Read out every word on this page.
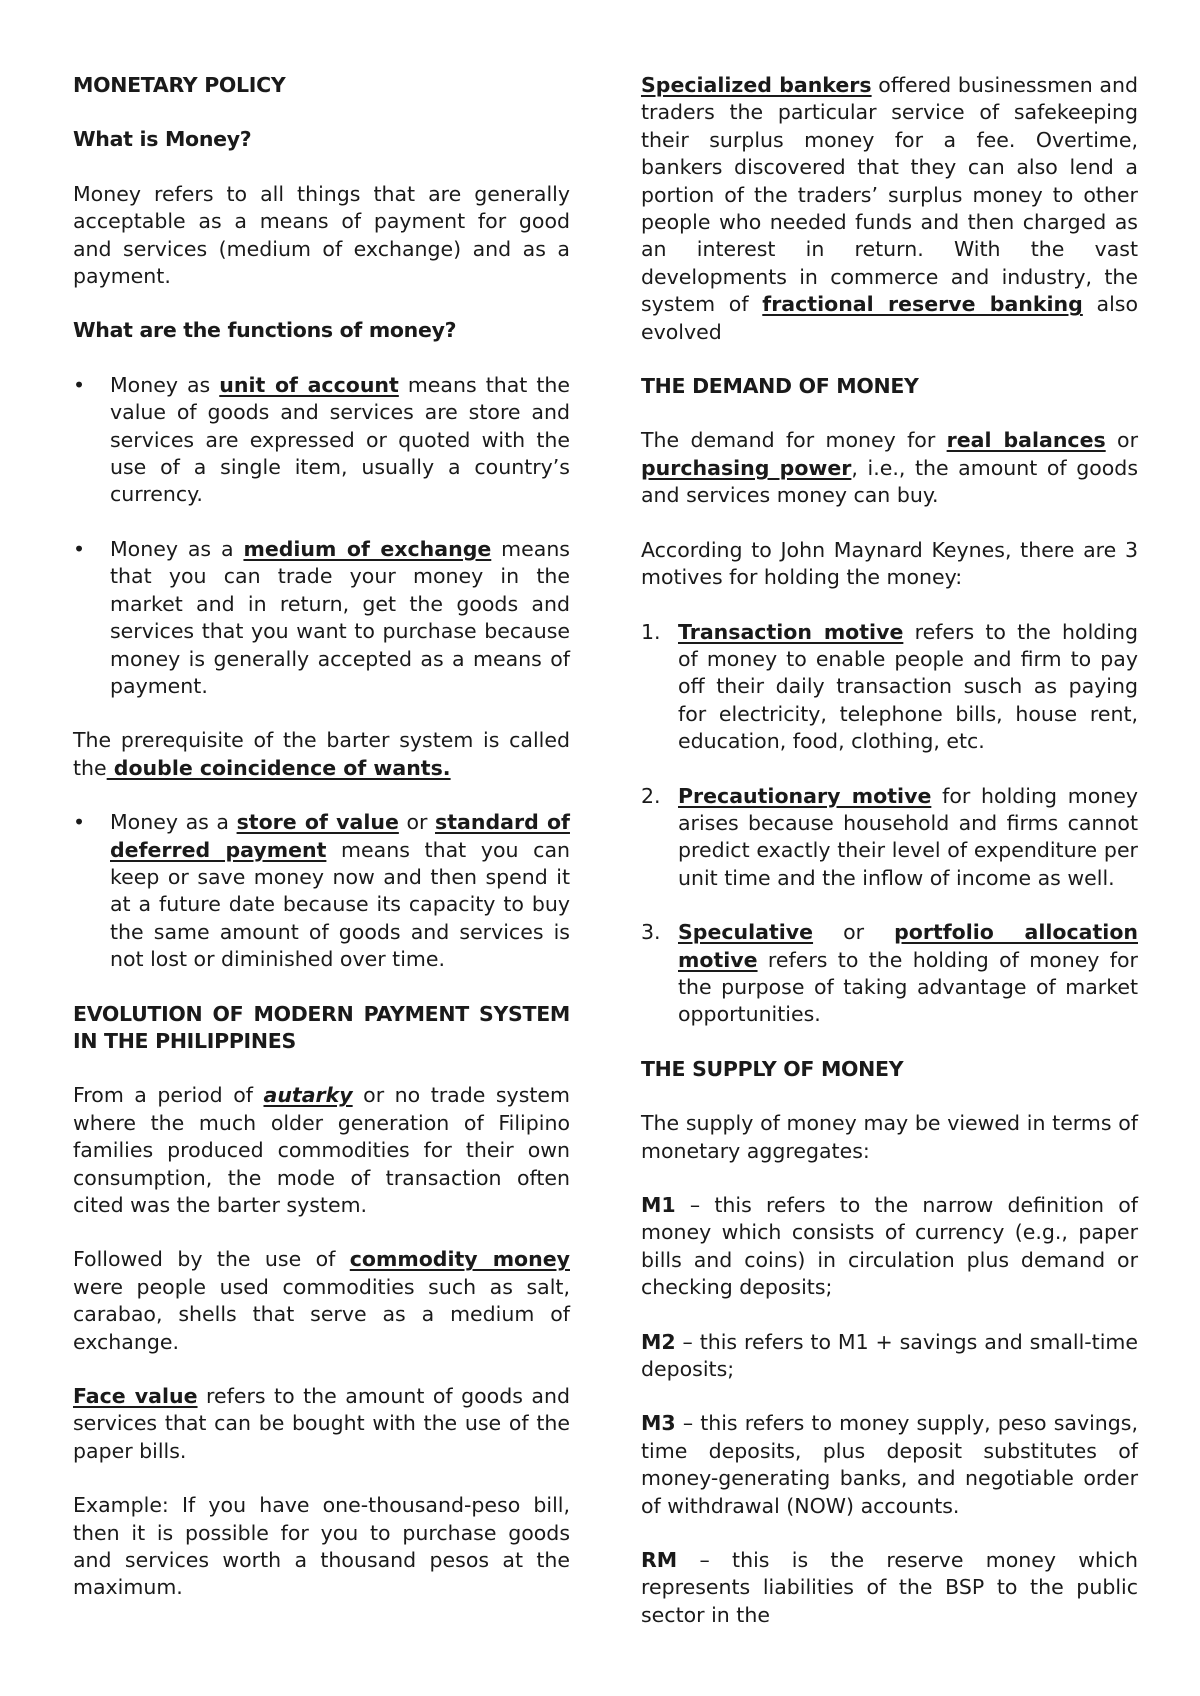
MONETARY POLICY

What is Money?

Money refers to all things that are generally acceptable as a means of payment for good and services (medium of exchange) and as a payment.

What are the functions of money?

• Money as unit of account means that the value of goods and services are store and services are expressed or quoted with the use of a single item, usually a country’s currency.
• Money as a medium of exchange means that you can trade your money in the market and in return, get the goods and services that you want to purchase because money is generally accepted as a means of payment.

The prerequisite of the barter system is called the double coincidence of wants.

• Money as a store of value or standard of deferred payment means that you can keep or save money now and then spend it at a future date because its capacity to buy the same amount of goods and services is not lost or diminished over time.

EVOLUTION OF MODERN PAYMENT SYSTEM IN THE PHILIPPINES

From a period of autarky or no trade system where the much older generation of Filipino families produced commodities for their own consumption, the mode of transaction often cited was the barter system.

Followed by the use of commodity money were people used commodities such as salt, carabao, shells that serve as a medium of exchange.

Face value refers to the amount of goods and services that can be bought with the use of the paper bills.

Example: If you have one-thousand-peso bill, then it is possible for you to purchase goods and services worth a thousand pesos at the maximum.

Specialized bankers offered businessmen and traders the particular service of safekeeping their surplus money for a fee. Overtime, bankers discovered that they can also lend a portion of the traders’ surplus money to other people who needed funds and then charged as an interest in return. With the vast developments in commerce and industry, the system of fractional reserve banking also evolved

THE DEMAND OF MONEY

The demand for money for real balances or purchasing power, i.e., the amount of goods and services money can buy.

According to John Maynard Keynes, there are 3 motives for holding the money:

1. Transaction motive refers to the holding of money to enable people and firm to pay off their daily transaction susch as paying for electricity, telephone bills, house rent, education, food, clothing, etc.
2. Precautionary motive for holding money arises because household and firms cannot predict exactly their level of expenditure per unit time and the inflow of income as well.
3. Speculative or portfolio allocation motive refers to the holding of money for the purpose of taking advantage of market opportunities.

THE SUPPLY OF MONEY

The supply of money may be viewed in terms of monetary aggregates:

M1 – this refers to the narrow definition of money which consists of currency (e.g., paper bills and coins) in circulation plus demand or checking deposits;

M2 – this refers to M1 + savings and small-time deposits;

M3 – this refers to money supply, peso savings, time deposits, plus deposit substitutes of money-generating banks, and negotiable order of withdrawal (NOW) accounts.

RM – this is the reserve money which represents liabilities of the BSP to the public sector in the
